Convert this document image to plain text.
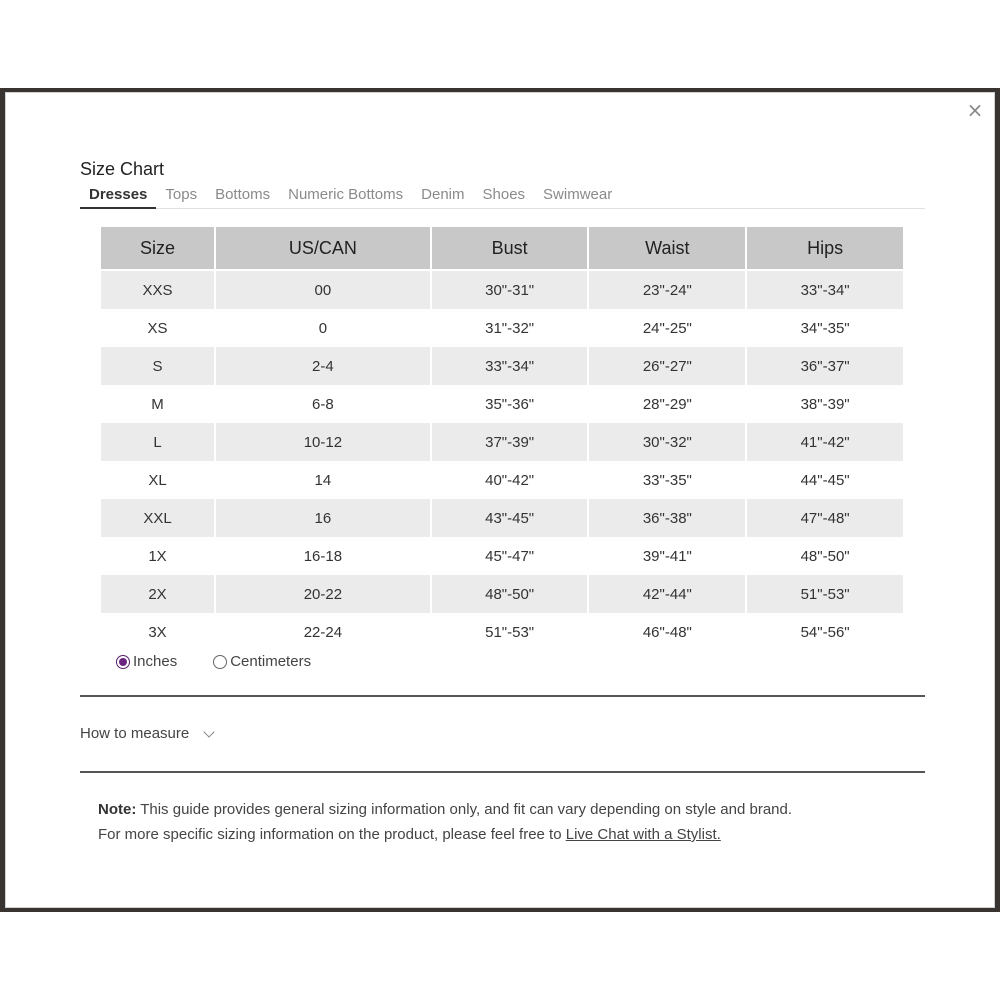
×
Size Chart
Dresses	Tops	Bottoms	Numeric Bottoms	Denim	Shoes	Swimwear
Size	US/CAN	Bust	Waist	Hips
XXS	00	30"-31"	23"-24"	33"-34"
XS	0	31"-32"	24"-25"	34"-35"
S	2-4	33"-34"	26"-27"	36"-37"
M	6-8	35"-36"	28"-29"	38"-39"
L	10-12	37"-39"	30"-32"	41"-42"
XL	14	40"-42"	33"-35"	44"-45"
XXL	16	43"-45"	36"-38"	47"-48"
1X	16-18	45"-47"	39"-41"	48"-50"
2X	20-22	48"-50"	42"-44"	51"-53"
3X	22-24	51"-53"	46"-48"	54"-56"
Inches	Centimeters
How to measure
Note: This guide provides general sizing information only, and fit can vary depending on style and brand.
For more specific sizing information on the product, please feel free to Live Chat with a Stylist.
